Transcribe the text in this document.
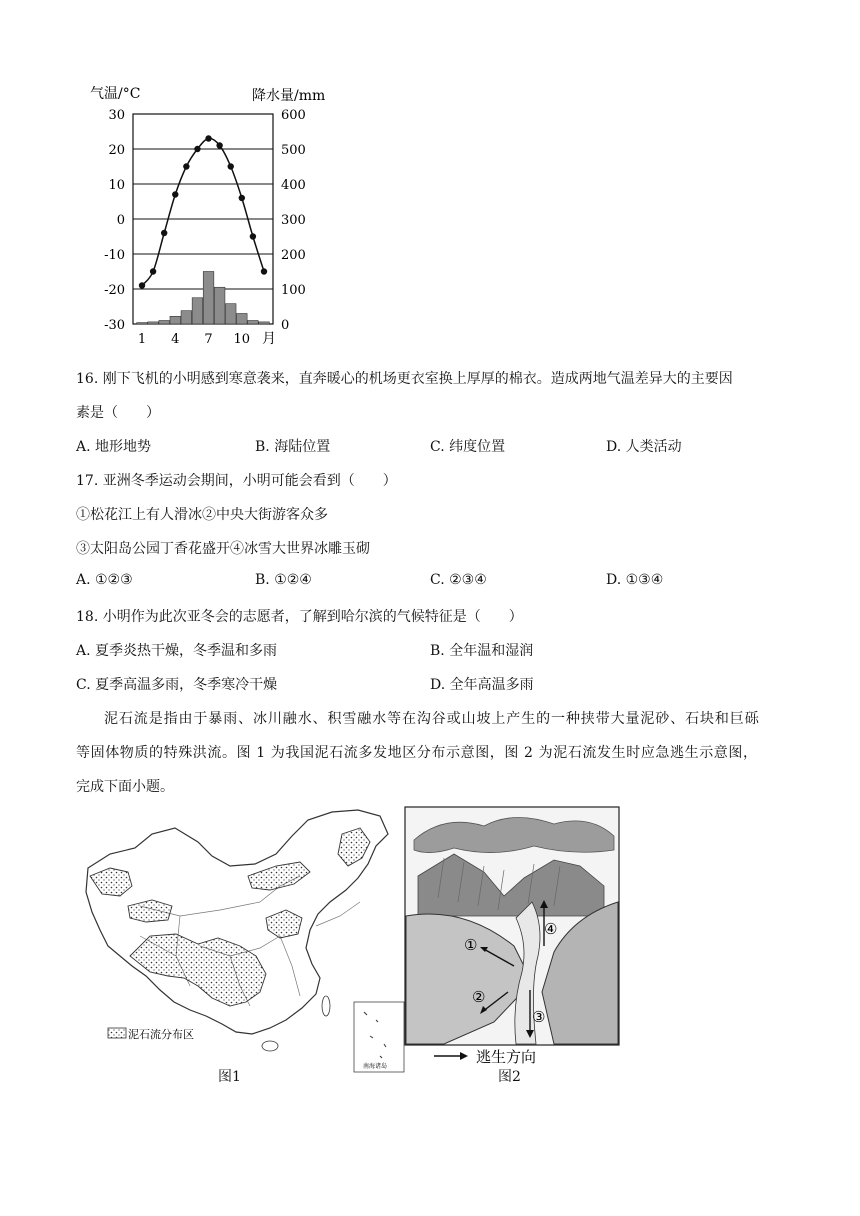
气温/°C	降水量/mm
30
20
10
0
-10
-20
-30
600
500
400
300
200
100
0
1 4 7 10 月
16. 刚下飞机的小明感到寒意袭来，直奔暖心的机场更衣室换上厚厚的棉衣。造成两地气温差异大的主要因
素是（　　）
A. 地形地势	B. 海陆位置	C. 纬度位置	D. 人类活动
17. 亚洲冬季运动会期间，小明可能会看到（　　）
①松花江上有人滑冰②中央大街游客众多
③太阳岛公园丁香花盛开④冰雪大世界冰雕玉砌
A. ①②③	B. ①②④	C. ②③④	D. ①③④
18. 小明作为此次亚冬会的志愿者，了解到哈尔滨的气候特征是（　　）
A. 夏季炎热干燥，冬季温和多雨	B. 全年温和湿润
C. 夏季高温多雨，冬季寒冷干燥	D. 全年高温多雨
泥石流是指由于暴雨、冰川融水、积雪融水等在沟谷或山坡上产生的一种挟带大量泥砂、石块和巨砾
等固体物质的特殊洪流。图 1 为我国泥石流多发地区分布示意图，图 2 为泥石流发生时应急逃生示意图，
完成下面小题。
南海诸岛
泥石流分布区
图1
①
②
③
④
逃生方向
图2
